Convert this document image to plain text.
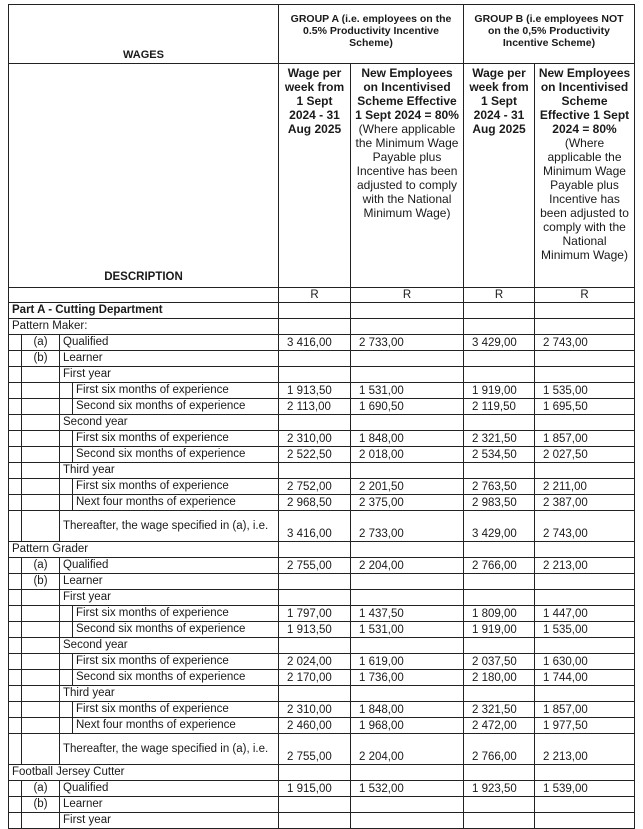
WAGES	GROUP A (i.e. employees on the 0.5% Productivity Incentive Scheme)		GROUP B (i.e employees NOT on the 0,5% Productivity Incentive Scheme)	
DESCRIPTION	Wage per week from 1 Sept 2024 - 31 Aug 2025	New Employees on Incentivised Scheme Effective 1 Sept 2024 = 80% (Where applicable the Minimum Wage Payable plus Incentive has been adjusted to comply with the National Minimum Wage)	Wage per week from 1 Sept 2024 - 31 Aug 2025	New Employees on Incentivised Scheme Effective 1 Sept 2024 = 80% (Where applicable the Minimum Wage Payable plus Incentive has been adjusted to comply with the National Minimum Wage)
	R	R	R	R

Part A - Cutting Department				

Pattern Maker:				

(a) Qualified	3 416,00	2 733,00	3 429,00	2 743,00

(b) Learner				

First year				

First six months of experience	1 913,50	1 531,00	1 919,00	1 535,00

Second six months of experience	2 113,00	1 690,50	2 119,50	1 695,50

Second year				

First six months of experience	2 310,00	1 848,00	2 321,50	1 857,00

Second six months of experience	2 522,50	2 018,00	2 534,50	2 027,50

Third year				

First six months of experience	2 752,00	2 201,50	2 763,50	2 211,00

Next four months of experience	2 968,50	2 375,00	2 983,50	2 387,00

Thereafter, the wage specified in (a), i.e.	3 416,00	2 733,00	3 429,00	2 743,00

Pattern Grader				

(a) Qualified	2 755,00	2 204,00	2 766,00	2 213,00

(b) Learner				

First year				

First six months of experience	1 797,00	1 437,50	1 809,00	1 447,00

Second six months of experience	1 913,50	1 531,00	1 919,00	1 535,00

Second year				

First six months of experience	2 024,00	1 619,00	2 037,50	1 630,00

Second six months of experience	2 170,00	1 736,00	2 180,00	1 744,00

Third year				

First six months of experience	2 310,00	1 848,00	2 321,50	1 857,00

Next four months of experience	2 460,00	1 968,00	2 472,00	1 977,50

Thereafter, the wage specified in (a), i.e.	2 755,00	2 204,00	2 766,00	2 213,00

Football Jersey Cutter				

(a) Qualified	1 915,00	1 532,00	1 923,50	1 539,00

(b) Learner				

First year				
